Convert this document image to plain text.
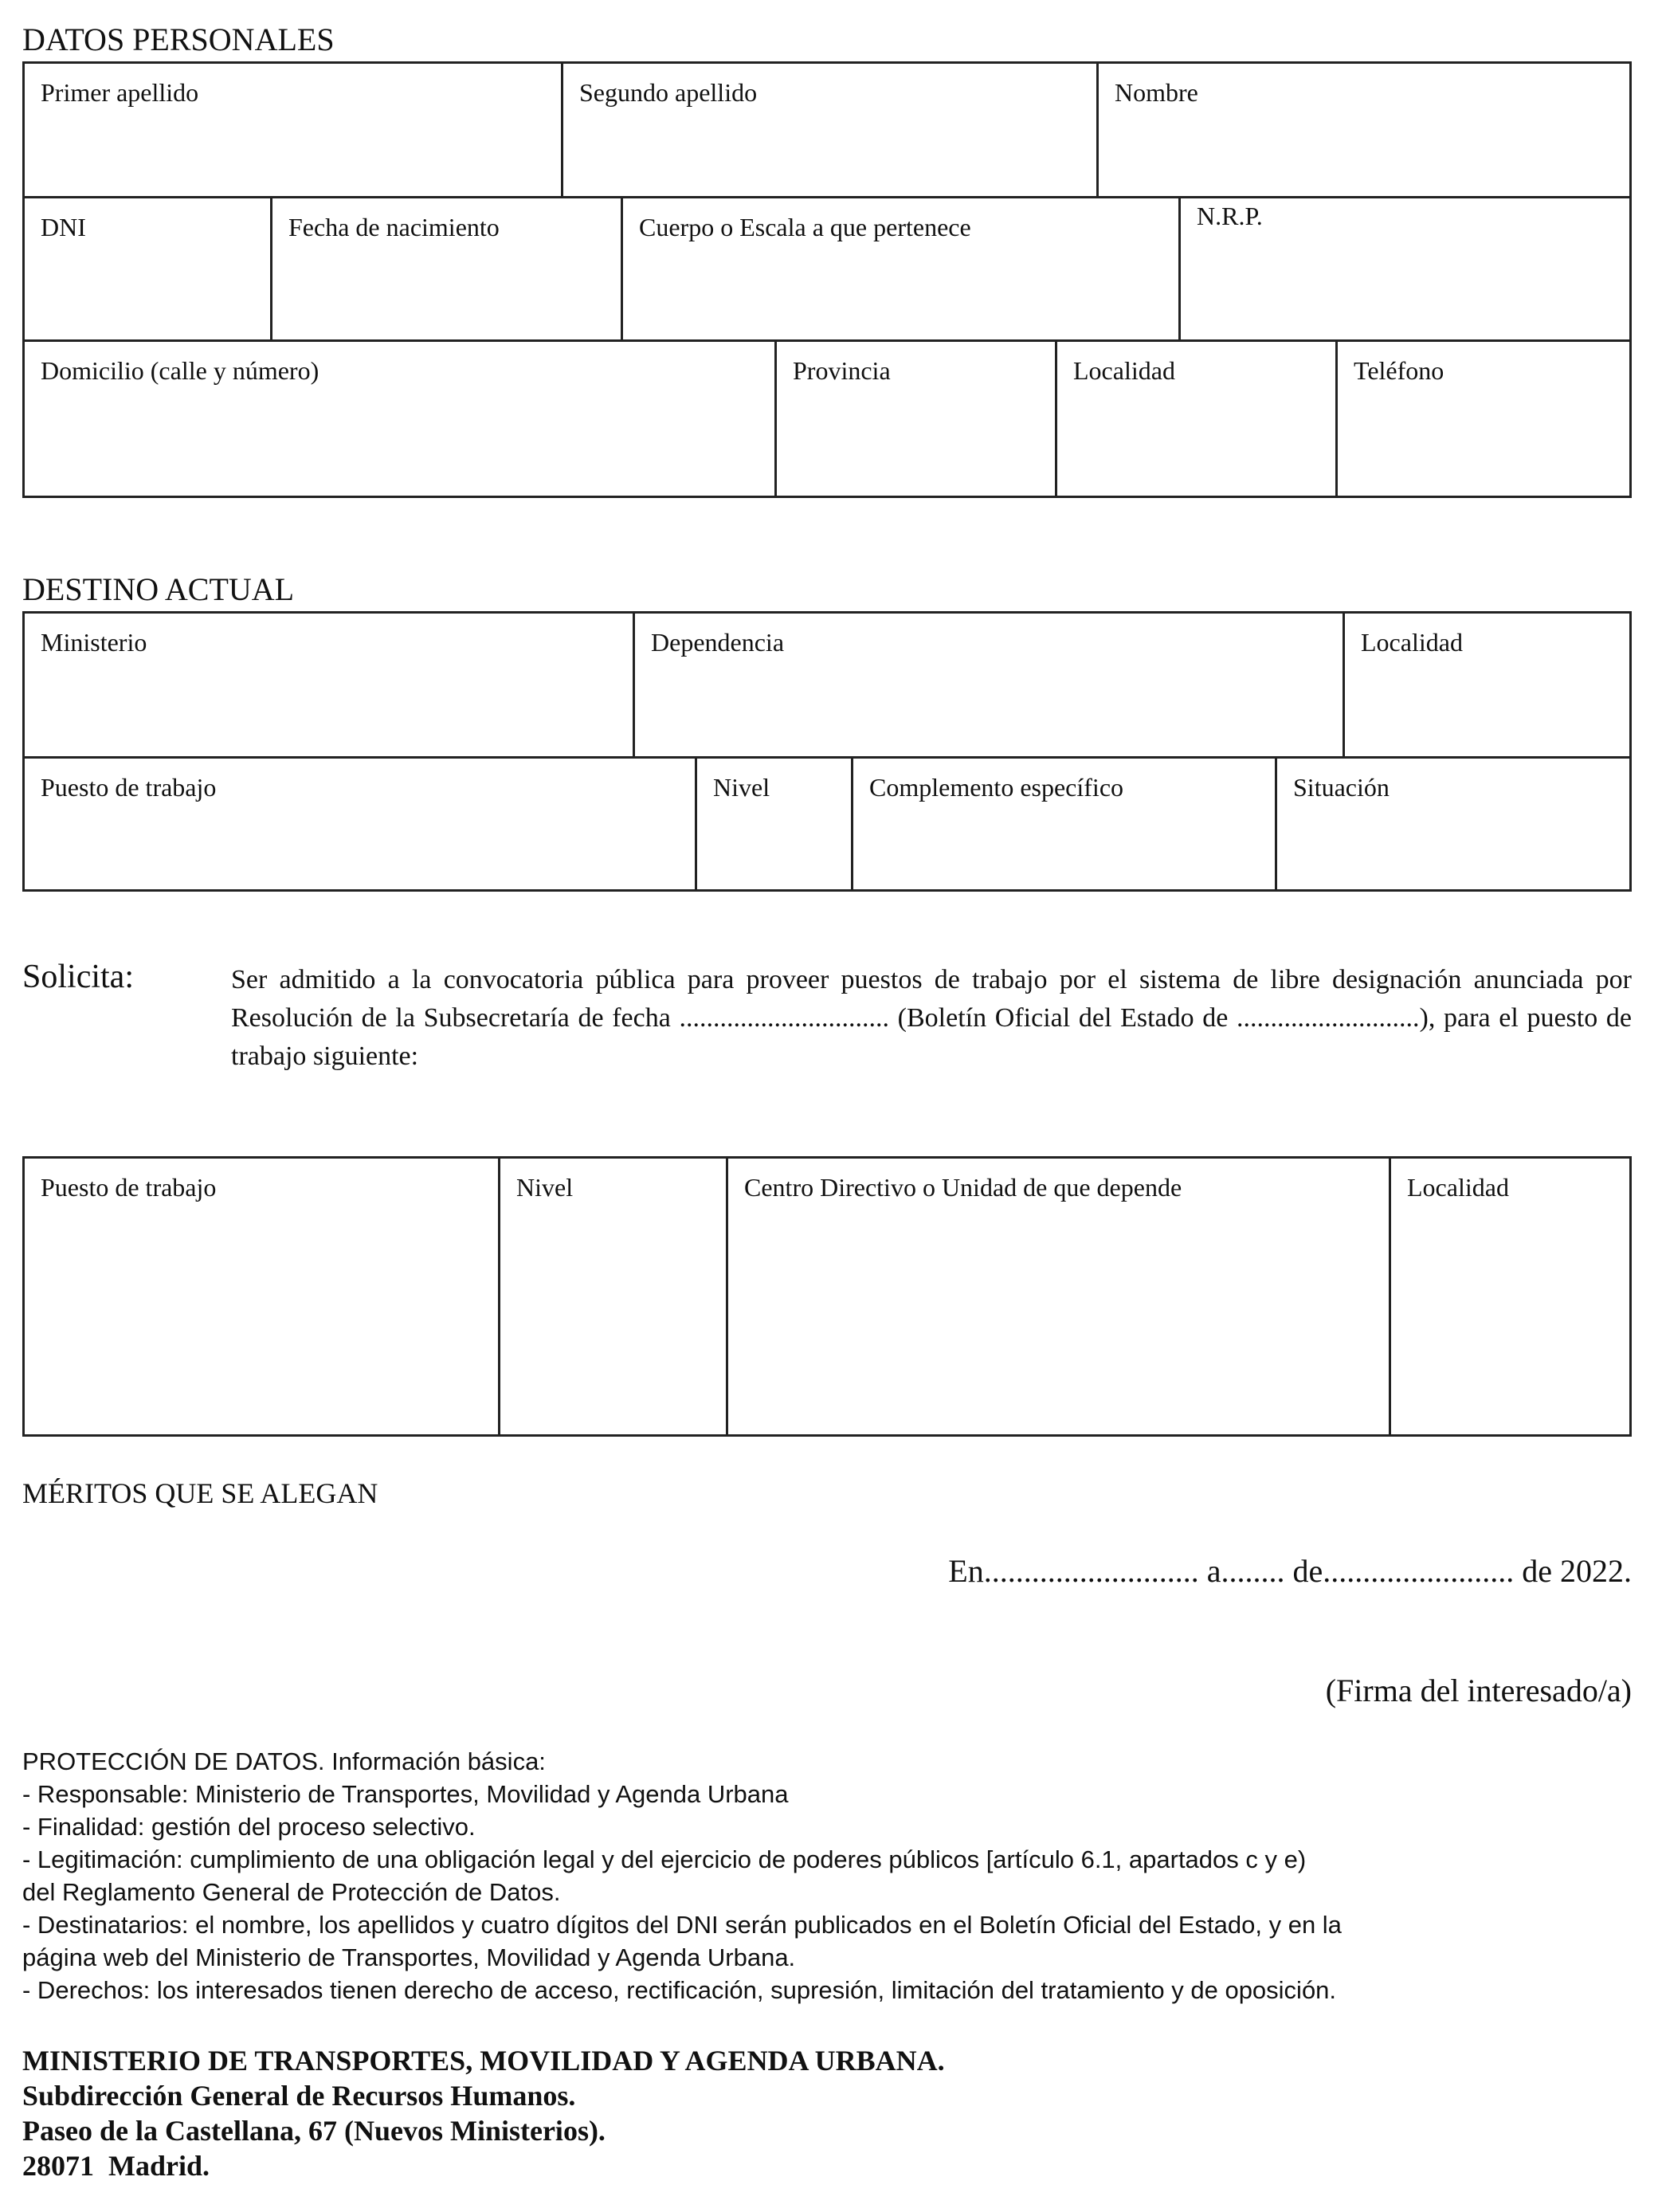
DATOS PERSONALES
Primer apellido	Segundo apellido	Nombre
DNI	Fecha de nacimiento	Cuerpo o Escala a que pertenece	N.R.P.
Domicilio (calle y número)	Provincia	Localidad	Teléfono
DESTINO ACTUAL
Ministerio	Dependencia	Localidad
Puesto de trabajo	Nivel	Complemento específico	Situación
Solicita:	Ser admitido a la convocatoria pública para proveer puestos de trabajo por el sistema de libre designación anunciada por Resolución de la Subsecretaría de fecha ............................... (Boletín Oficial del Estado de ...........................), para el puesto de trabajo siguiente:
Puesto de trabajo	Nivel	Centro Directivo o Unidad de que depende	Localidad
MÉRITOS QUE SE ALEGAN
En........................... a........ de........................ de 2022.
(Firma del interesado/a)
PROTECCIÓN DE DATOS. Información básica:
- Responsable: Ministerio de Transportes, Movilidad y Agenda Urbana
- Finalidad: gestión del proceso selectivo.
- Legitimación: cumplimiento de una obligación legal y del ejercicio de poderes públicos [artículo 6.1, apartados c y e)
del Reglamento General de Protección de Datos.
- Destinatarios: el nombre, los apellidos y cuatro dígitos del DNI serán publicados en el Boletín Oficial del Estado, y en la
página web del Ministerio de Transportes, Movilidad y Agenda Urbana.
- Derechos: los interesados tienen derecho de acceso, rectificación, supresión, limitación del tratamiento y de oposición.
MINISTERIO DE TRANSPORTES, MOVILIDAD Y AGENDA URBANA.
Subdirección General de Recursos Humanos.
Paseo de la Castellana, 67 (Nuevos Ministerios).
28071  Madrid.
